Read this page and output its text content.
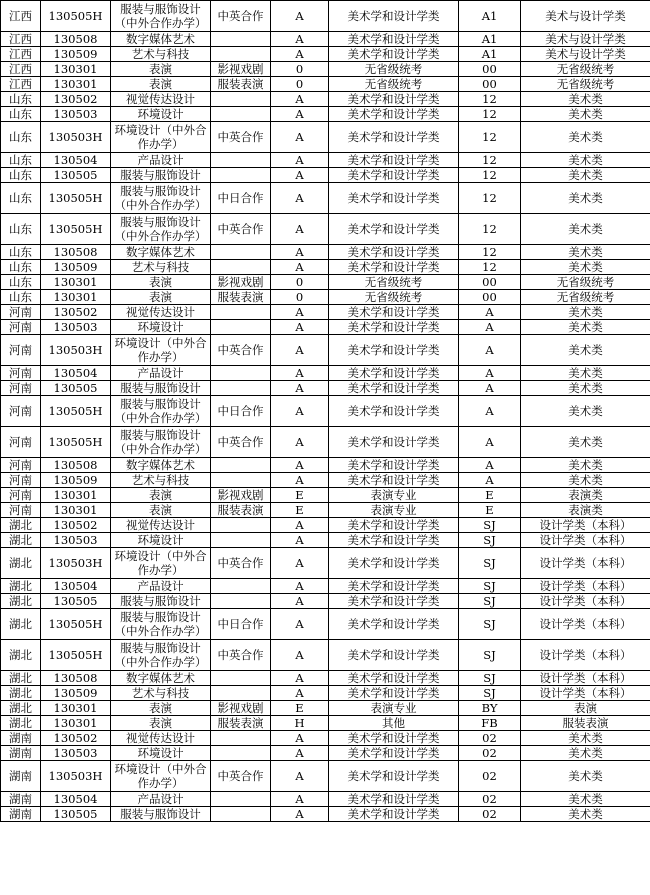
江西	130505H	服装与服饰设计（中外合作办学）	中英合作	A	美术学和设计学类	A1	美术与设计学类
江西	130508	数字媒体艺术		A	美术学和设计学类	A1	美术与设计学类
江西	130509	艺术与科技		A	美术学和设计学类	A1	美术与设计学类
江西	130301	表演	影视戏剧	0	无省级统考	00	无省级统考
江西	130301	表演	服装表演	0	无省级统考	00	无省级统考
山东	130502	视觉传达设计		A	美术学和设计学类	12	美术类
山东	130503	环境设计		A	美术学和设计学类	12	美术类
山东	130503H	环境设计（中外合作办学）	中英合作	A	美术学和设计学类	12	美术类
山东	130504	产品设计		A	美术学和设计学类	12	美术类
山东	130505	服装与服饰设计		A	美术学和设计学类	12	美术类
山东	130505H	服装与服饰设计（中外合作办学）	中日合作	A	美术学和设计学类	12	美术类
山东	130505H	服装与服饰设计（中外合作办学）	中英合作	A	美术学和设计学类	12	美术类
山东	130508	数字媒体艺术		A	美术学和设计学类	12	美术类
山东	130509	艺术与科技		A	美术学和设计学类	12	美术类
山东	130301	表演	影视戏剧	0	无省级统考	00	无省级统考
山东	130301	表演	服装表演	0	无省级统考	00	无省级统考
河南	130502	视觉传达设计		A	美术学和设计学类	A	美术类
河南	130503	环境设计		A	美术学和设计学类	A	美术类
河南	130503H	环境设计（中外合作办学）	中英合作	A	美术学和设计学类	A	美术类
河南	130504	产品设计		A	美术学和设计学类	A	美术类
河南	130505	服装与服饰设计		A	美术学和设计学类	A	美术类
河南	130505H	服装与服饰设计（中外合作办学）	中日合作	A	美术学和设计学类	A	美术类
河南	130505H	服装与服饰设计（中外合作办学）	中英合作	A	美术学和设计学类	A	美术类
河南	130508	数字媒体艺术		A	美术学和设计学类	A	美术类
河南	130509	艺术与科技		A	美术学和设计学类	A	美术类
河南	130301	表演	影视戏剧	E	表演专业	E	表演类
河南	130301	表演	服装表演	E	表演专业	E	表演类
湖北	130502	视觉传达设计		A	美术学和设计学类	SJ	设计学类（本科）
湖北	130503	环境设计		A	美术学和设计学类	SJ	设计学类（本科）
湖北	130503H	环境设计（中外合作办学）	中英合作	A	美术学和设计学类	SJ	设计学类（本科）
湖北	130504	产品设计		A	美术学和设计学类	SJ	设计学类（本科）
湖北	130505	服装与服饰设计		A	美术学和设计学类	SJ	设计学类（本科）
湖北	130505H	服装与服饰设计（中外合作办学）	中日合作	A	美术学和设计学类	SJ	设计学类（本科）
湖北	130505H	服装与服饰设计（中外合作办学）	中英合作	A	美术学和设计学类	SJ	设计学类（本科）
湖北	130508	数字媒体艺术		A	美术学和设计学类	SJ	设计学类（本科）
湖北	130509	艺术与科技		A	美术学和设计学类	SJ	设计学类（本科）
湖北	130301	表演	影视戏剧	E	表演专业	BY	表演
湖北	130301	表演	服装表演	H	其他	FB	服装表演
湖南	130502	视觉传达设计		A	美术学和设计学类	02	美术类
湖南	130503	环境设计		A	美术学和设计学类	02	美术类
湖南	130503H	环境设计（中外合作办学）	中英合作	A	美术学和设计学类	02	美术类
湖南	130504	产品设计		A	美术学和设计学类	02	美术类
湖南	130505	服装与服饰设计		A	美术学和设计学类	02	美术类
